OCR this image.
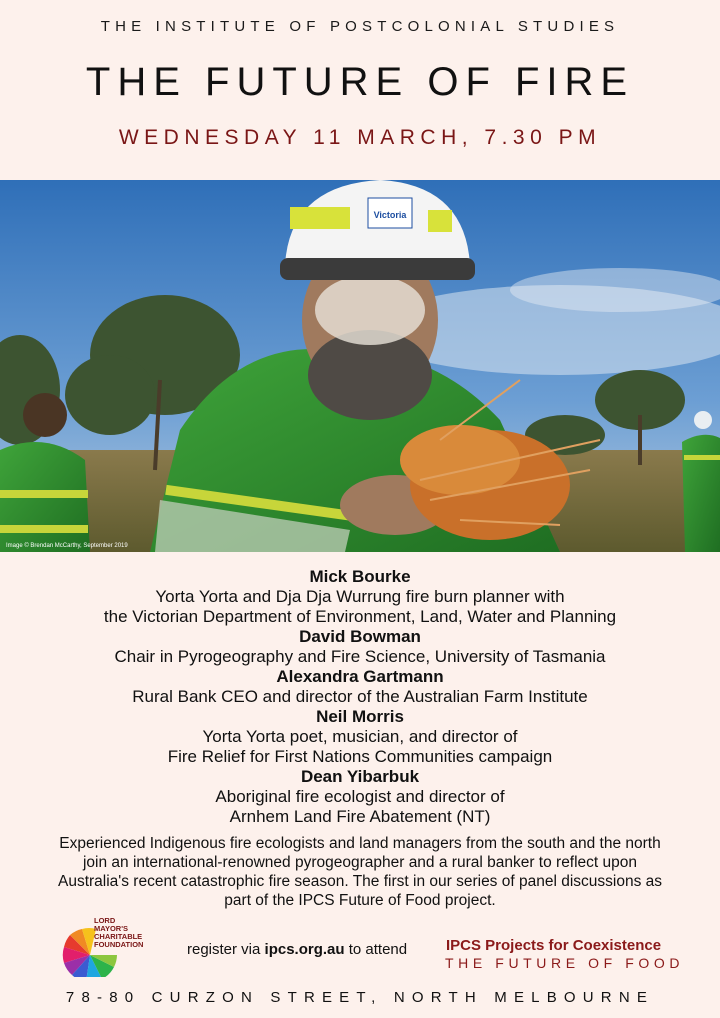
THE INSTITUTE OF POSTCOLONIAL STUDIES
THE FUTURE OF FIRE
WEDNESDAY 11 MARCH, 7.30 PM
Victoria
Image © Brendan McCarthy, September 2019
Mick Bourke
Yorta Yorta and Dja Dja Wurrung fire burn planner with
the Victorian Department of Environment, Land, Water and Planning
David Bowman
Chair in Pyrogeography and Fire Science, University of Tasmania
Alexandra Gartmann
Rural Bank CEO and director of the Australian Farm Institute
Neil Morris
Yorta Yorta poet, musician, and director of
Fire Relief for First Nations Communities campaign
Dean Yibarbuk
Aboriginal fire ecologist and director of
Arnhem Land Fire Abatement (NT)
Experienced Indigenous fire ecologists and land managers from the south and the north join an international-renowned pyrogeographer and a rural banker to reflect upon Australia's recent catastrophic fire season. The first in our series of panel discussions as part of the IPCS Future of Food project.
LORD
MAYOR'S
CHARITABLE
FOUNDATION	register via ipcs.org.au to attend	IPCS Projects for Coexistence
THE FUTURE OF FOOD
78-80 CURZON STREET, NORTH MELBOURNE
